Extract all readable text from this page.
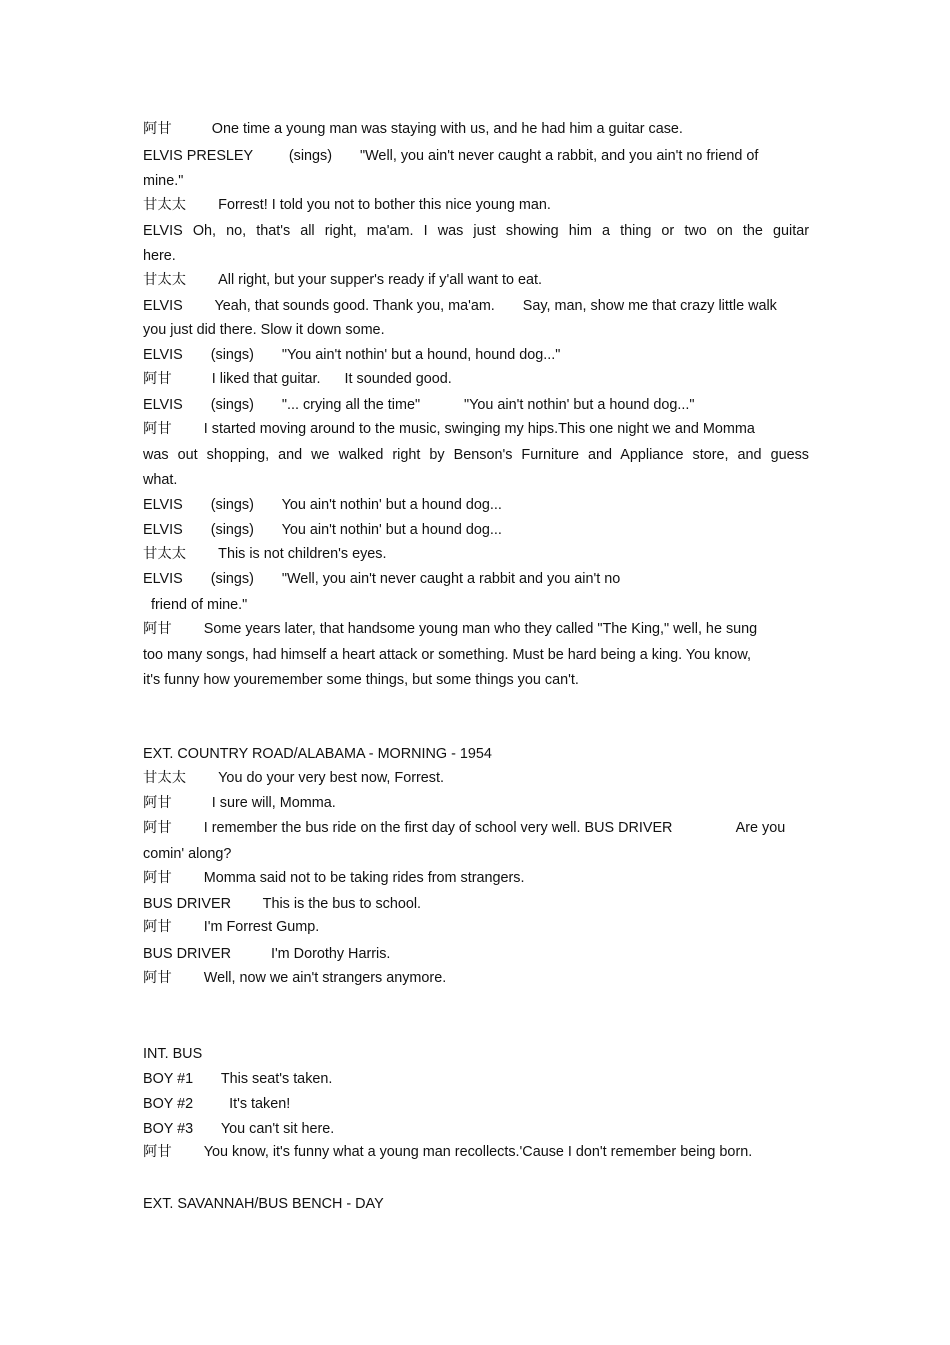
阿甘          One time a young man was staying with us, and he had him a guitar case.
ELVIS PRESLEY         (sings)       "Well, you ain't never caught a rabbit, and you ain't no friend of
mine."
甘太太        Forrest! I told you not to bother this nice young man.
ELVIS Oh, no, that's all right, ma'am. I was just showing him a thing or two on the guitar
here.
甘太太        All right, but your supper's ready if y'all want to eat.
ELVIS        Yeah, that sounds good. Thank you, ma'am.       Say, man, show me that crazy little walk
you just did there. Slow it down some.
ELVIS       (sings)       "You ain't nothin' but a hound, hound dog..."
阿甘          I liked that guitar.      It sounded good.
ELVIS       (sings)       "... crying all the time"           "You ain't nothin' but a hound dog..."
阿甘        I started moving around to the music, swinging my hips.This one night we and Momma
was out shopping, and we walked right by Benson's Furniture and Appliance store, and guess
what.
ELVIS       (sings)       You ain't nothin' but a hound dog...
ELVIS       (sings)       You ain't nothin' but a hound dog...
甘太太        This is not children's eyes.
ELVIS       (sings)       "Well, you ain't never caught a rabbit and you ain't no
friend of mine."
阿甘        Some years later, that handsome young man who they called "The King," well, he sung
too many songs, had himself a heart attack or something. Must be hard being a king. You know,
it's funny how youremember some things, but some things you can't.
EXT. COUNTRY ROAD/ALABAMA - MORNING - 1954
甘太太        You do your very best now, Forrest.
阿甘          I sure will, Momma.
阿甘        I remember the bus ride on the first day of school very well. BUS DRIVER                Are you
comin' along?
阿甘        Momma said not to be taking rides from strangers.
BUS DRIVER        This is the bus to school.
阿甘        I'm Forrest Gump.
BUS DRIVER          I'm Dorothy Harris.
阿甘        Well, now we ain't strangers anymore.
INT. BUS
BOY #1       This seat's taken.
BOY #2         It's taken!
BOY #3       You can't sit here.
阿甘        You know, it's funny what a young man recollects.'Cause I don't remember being born.
EXT. SAVANNAH/BUS BENCH - DAY
